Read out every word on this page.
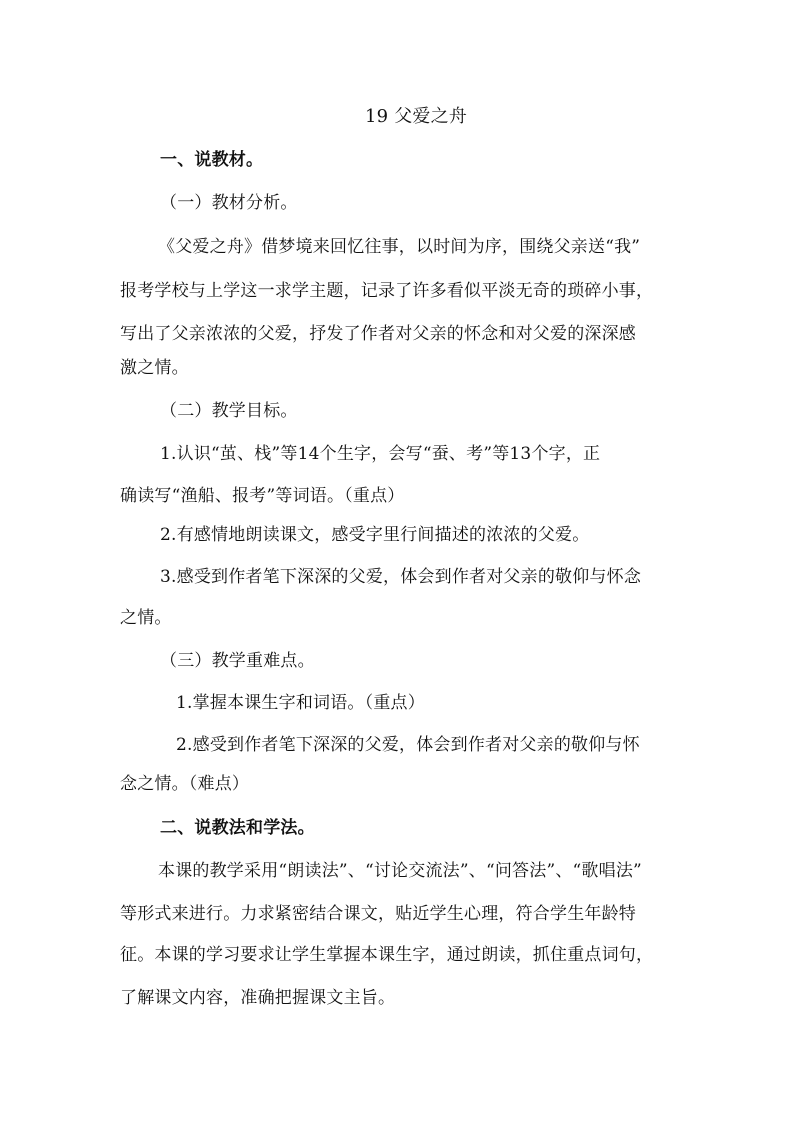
19 父爱之舟
一、说教材。
（一）教材分析。
《父爱之舟》借梦境来回忆往事，以时间为序，围绕父亲送“我”
报考学校与上学这一求学主题，记录了许多看似平淡无奇的琐碎小事，
写出了父亲浓浓的父爱，抒发了作者对父亲的怀念和对父爱的深深感
激之情。
（二）教学目标。
1.认识“茧、栈”等14个生字，会写“蚕、考”等13个字，正
确读写“渔船、报考”等词语。（重点）
2.有感情地朗读课文，感受字里行间描述的浓浓的父爱。
3.感受到作者笔下深深的父爱，体会到作者对父亲的敬仰与怀念
之情。
（三）教学重难点。
1.掌握本课生字和词语。（重点）
2.感受到作者笔下深深的父爱，体会到作者对父亲的敬仰与怀
念之情。（难点）
二、说教法和学法。
本课的教学采用“朗读法”、“讨论交流法”、“问答法”、“歌唱法”
等形式来进行。力求紧密结合课文，贴近学生心理，符合学生年龄特
征。本课的学习要求让学生掌握本课生字，通过朗读，抓住重点词句，
了解课文内容，准确把握课文主旨。
